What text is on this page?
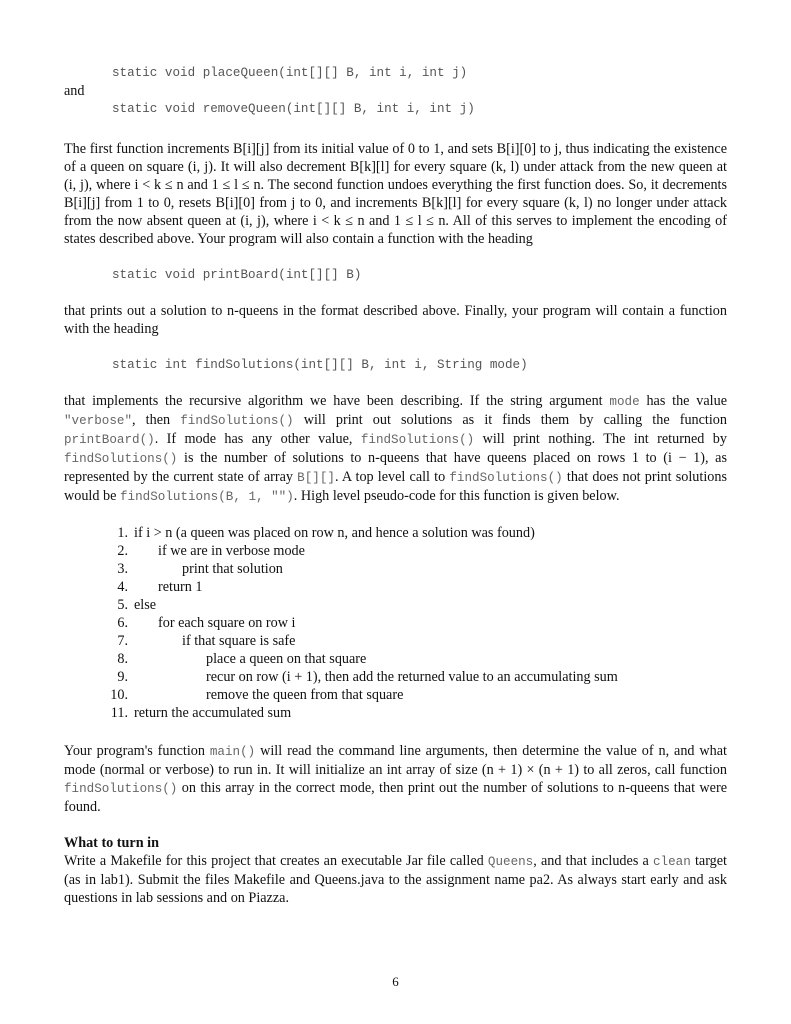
static void placeQueen(int[][] B, int i, int j)
and
static void removeQueen(int[][] B, int i, int j)

The first function increments B[i][j] from its initial value of 0 to 1, and sets B[i][0] to j, thus indicating the existence of a queen on square (i, j). It will also decrement B[k][l] for every square (k, l) under attack from the new queen at (i, j), where i < k ≤ n and 1 ≤ l ≤ n. The second function undoes everything the first function does. So, it decrements B[i][j] from 1 to 0, resets B[i][0] from j to 0, and increments B[k][l] for every square (k, l) no longer under attack from the now absent queen at (i, j), where i < k ≤ n and 1 ≤ l ≤ n. All of this serves to implement the encoding of states described above. Your program will also contain a function with the heading

static void printBoard(int[][] B)

that prints out a solution to n-queens in the format described above. Finally, your program will contain a function with the heading

static int findSolutions(int[][] B, int i, String mode)

that implements the recursive algorithm we have been describing. If the string argument mode has the value "verbose", then findSolutions() will print out solutions as it finds them by calling the function printBoard(). If mode has any other value, findSolutions() will print nothing. The int returned by findSolutions() is the number of solutions to n-queens that have queens placed on rows 1 to (i − 1), as represented by the current state of array B[][]. A top level call to findSolutions() that does not print solutions would be findSolutions(B, 1, ""). High level pseudo-code for this function is given below.

1. if i > n (a queen was placed on row n, and hence a solution was found)
2. if we are in verbose mode
3.	print that solution
4. return 1
5. else
6. for each square on row i
7.	if that square is safe
8.	place a queen on that square
9.	recur on row (i + 1), then add the returned value to an accumulating sum
10.	remove the queen from that square
11. return the accumulated sum

Your program's function main() will read the command line arguments, then determine the value of n, and what mode (normal or verbose) to run in. It will initialize an int array of size (n + 1) × (n + 1) to all zeros, call function findSolutions() on this array in the correct mode, then print out the number of solutions to n-queens that were found.

What to turn in

Write a Makefile for this project that creates an executable Jar file called Queens, and that includes a clean target (as in lab1). Submit the files Makefile and Queens.java to the assignment name pa2. As always start early and ask questions in lab sessions and on Piazza.

6
